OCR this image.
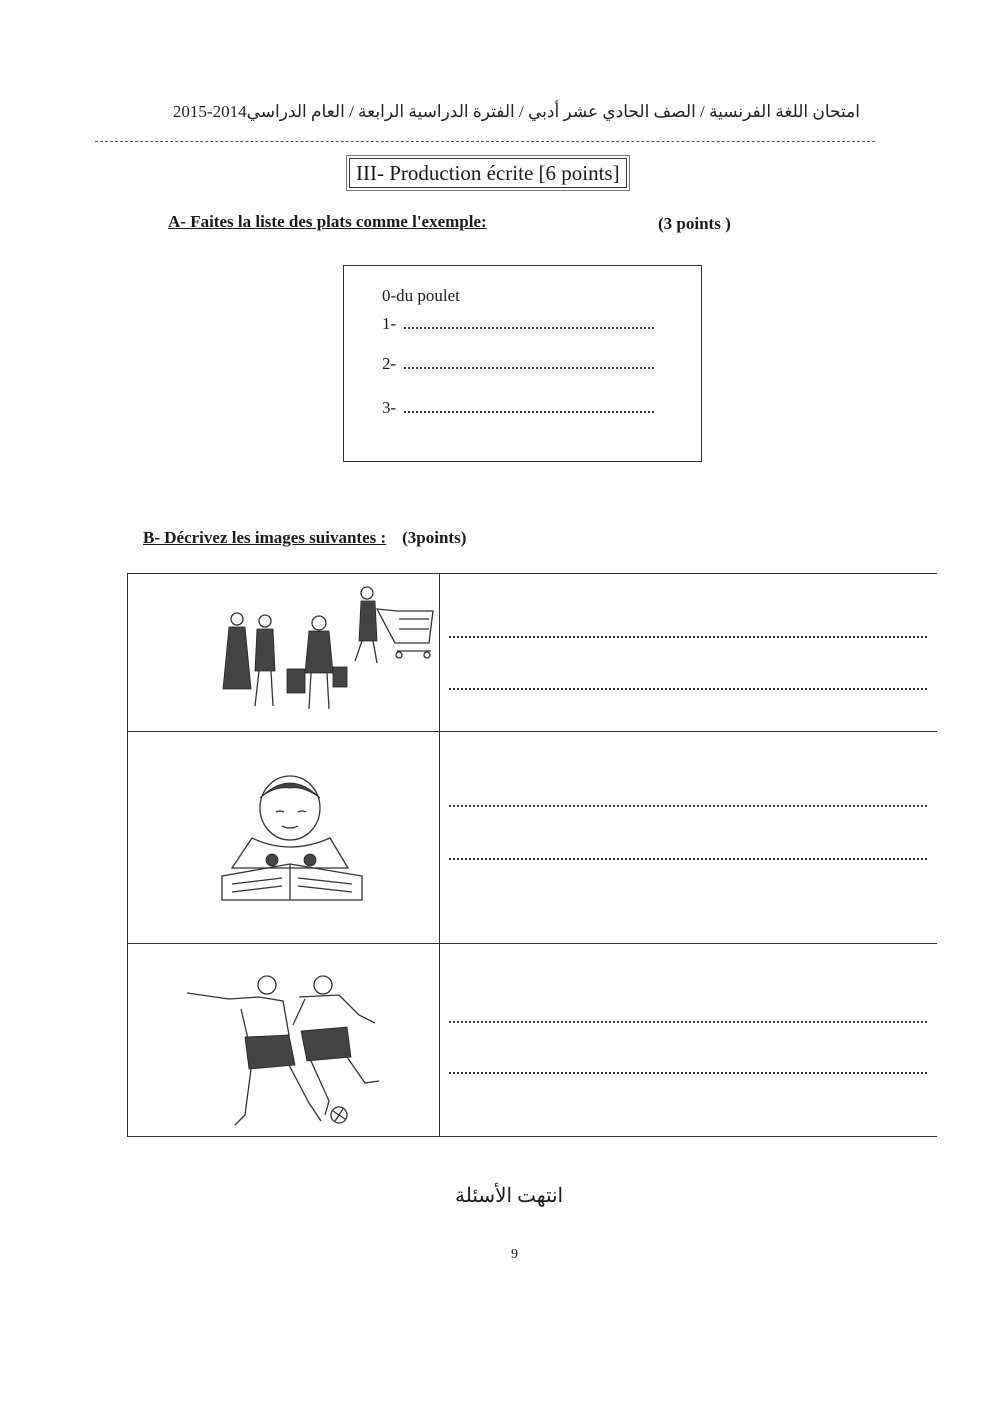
امتحان اللغة الفرنسية / الصف الحادي عشر أدبي / الفترة الدراسية الرابعة / العام الدراسي2014-2015
III- Production écrite [6 points]
A- Faites la liste des plats comme l'exemple:	(3 points )
0-du poulet
1-
2-
3-
B- Décrivez les images suivantes : (3points)
انتهت الأسئلة
9
